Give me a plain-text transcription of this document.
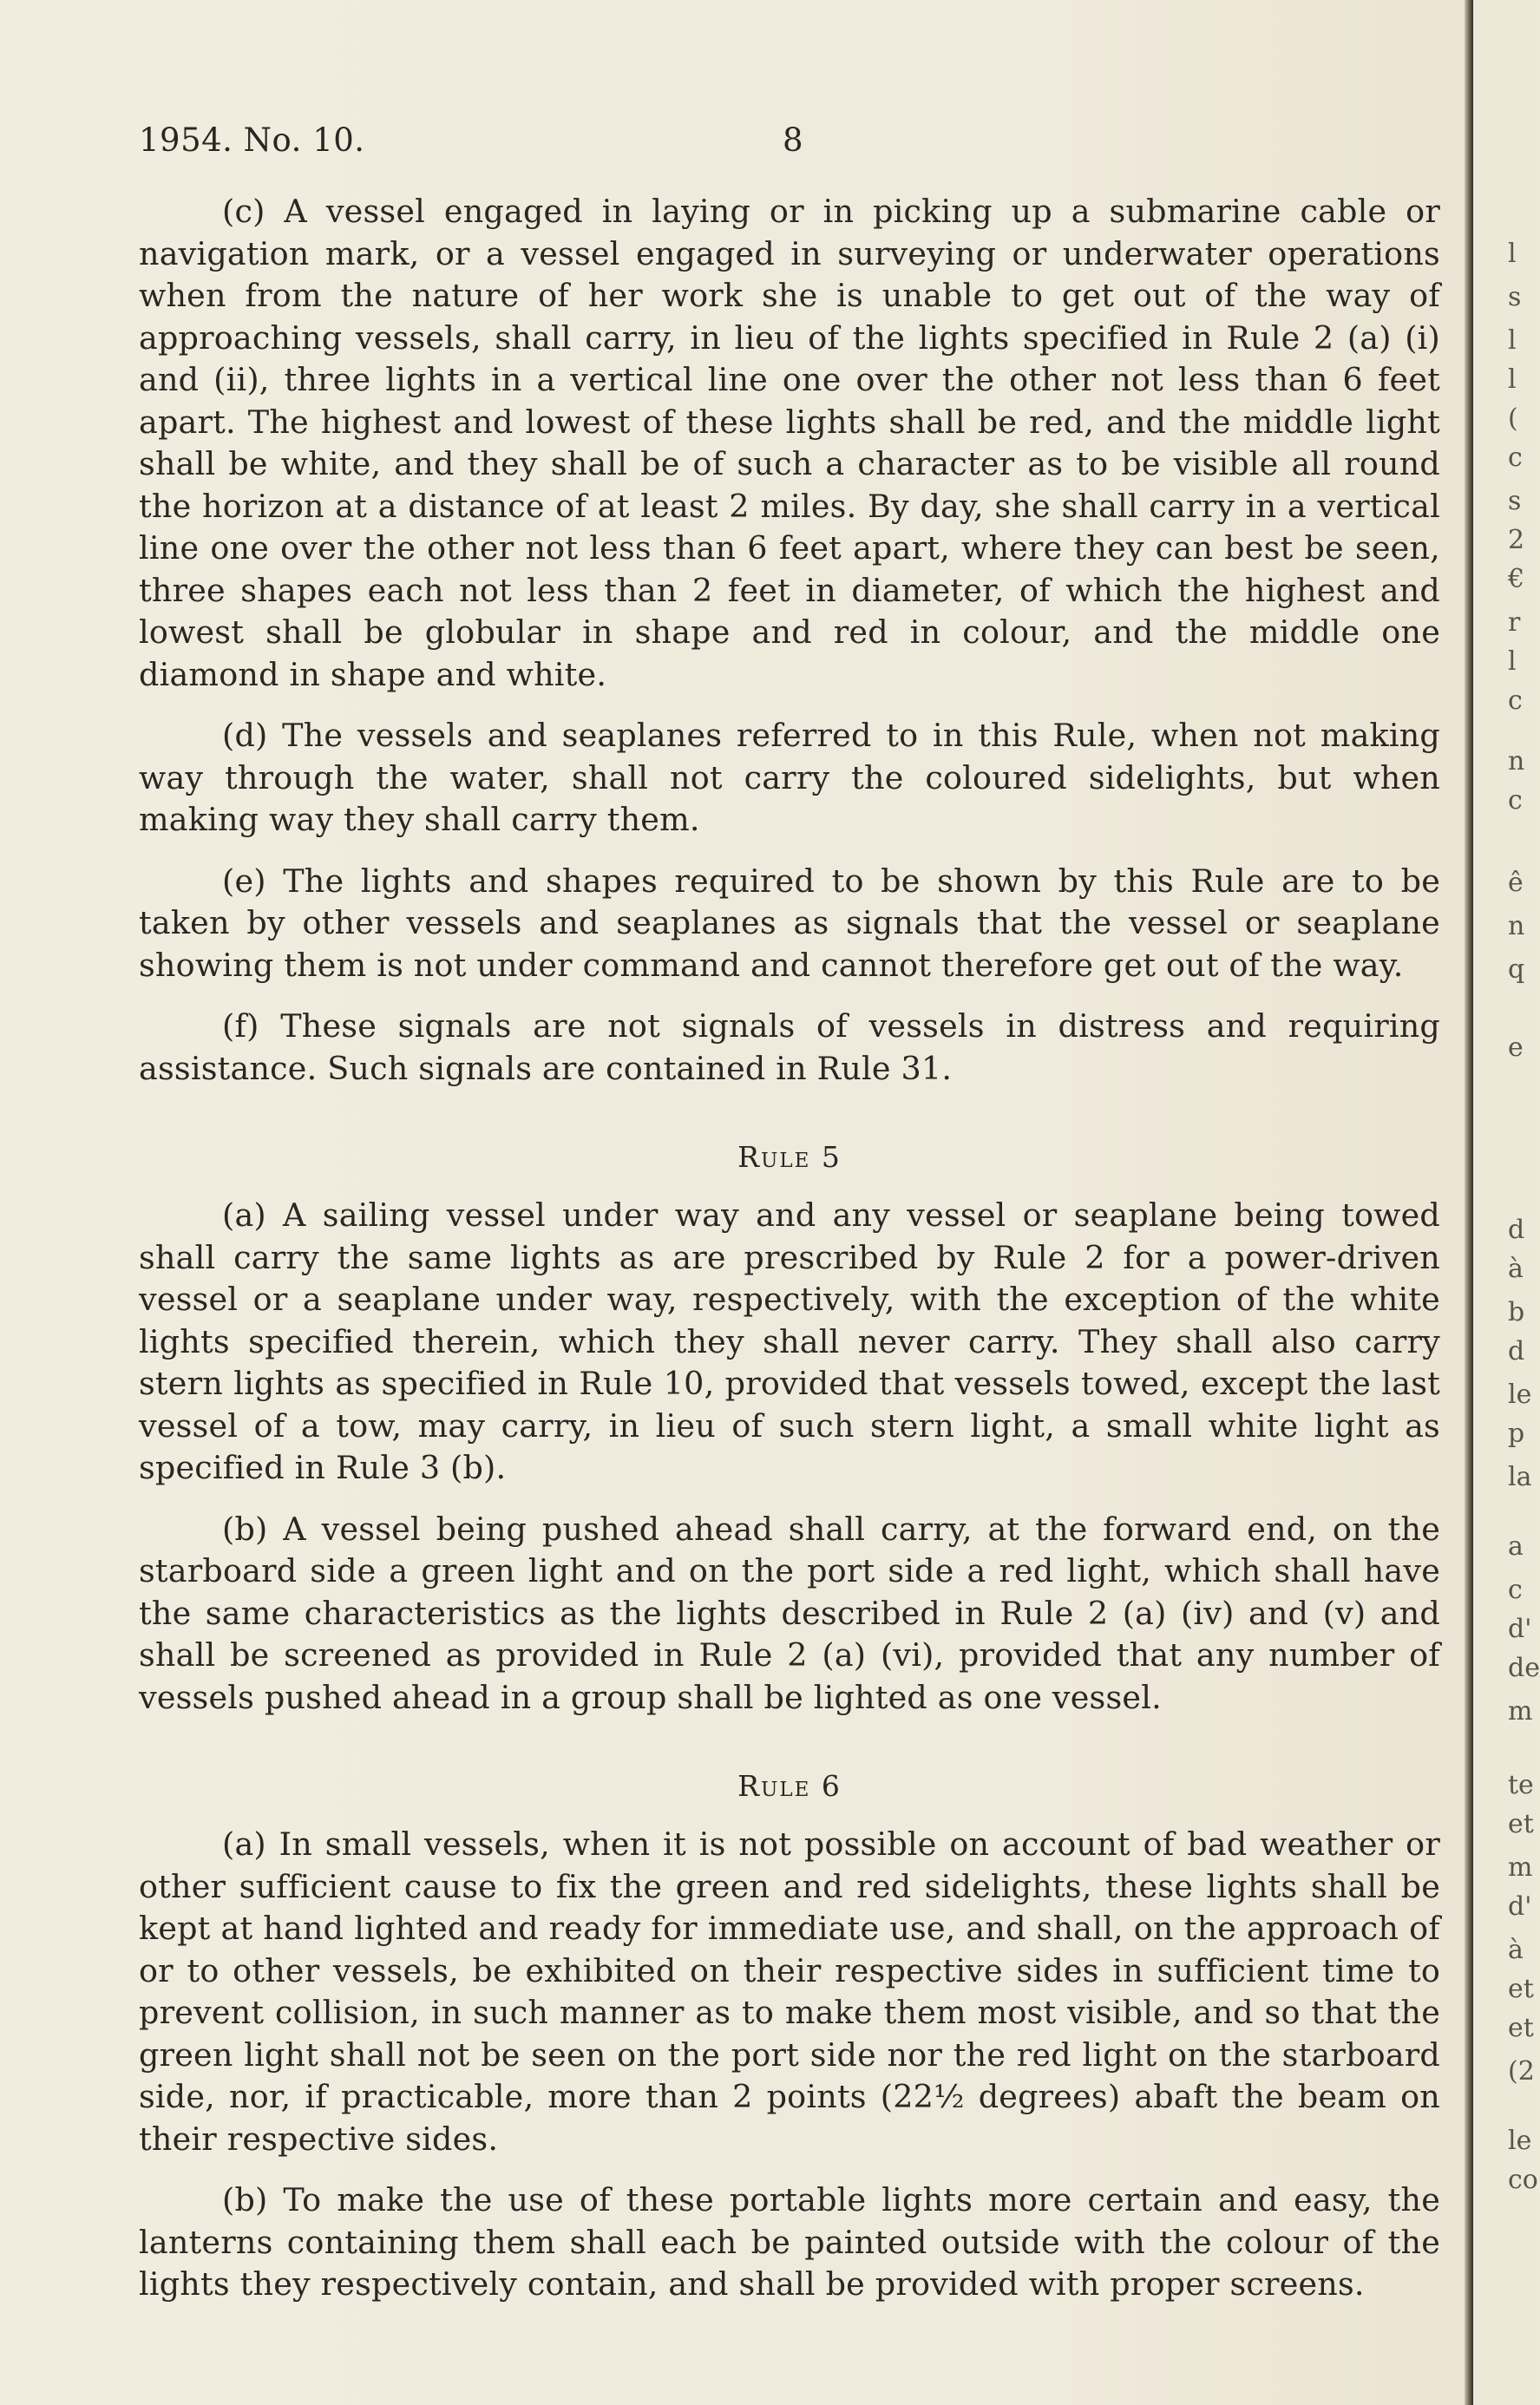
1954. No. 10.	8

(c) A vessel engaged in laying or in picking up a submarine cable or navigation mark, or a vessel engaged in surveying or underwater operations when from the nature of her work she is unable to get out of the way of approaching vessels, shall carry, in lieu of the lights specified in Rule 2 (a) (i) and (ii), three lights in a vertical line one over the other not less than 6 feet apart. The highest and lowest of these lights shall be red, and the middle light shall be white, and they shall be of such a character as to be visible all round the horizon at a distance of at least 2 miles. By day, she shall carry in a vertical line one over the other not less than 6 feet apart, where they can best be seen, three shapes each not less than 2 feet in diameter, of which the highest and lowest shall be globular in shape and red in colour, and the middle one diamond in shape and white.

(d) The vessels and seaplanes referred to in this Rule, when not making way through the water, shall not carry the coloured sidelights, but when making way they shall carry them.

(e) The lights and shapes required to be shown by this Rule are to be taken by other vessels and seaplanes as signals that the vessel or seaplane showing them is not under command and cannot therefore get out of the way.

(f) These signals are not signals of vessels in distress and requiring assistance. Such signals are contained in Rule 31.

Rule 5

(a) A sailing vessel under way and any vessel or seaplane being towed shall carry the same lights as are prescribed by Rule 2 for a power-driven vessel or a seaplane under way, respectively, with the exception of the white lights specified therein, which they shall never carry. They shall also carry stern lights as specified in Rule 10, provided that vessels towed, except the last vessel of a tow, may carry, in lieu of such stern light, a small white light as specified in Rule 3 (b).

(b) A vessel being pushed ahead shall carry, at the forward end, on the starboard side a green light and on the port side a red light, which shall have the same characteristics as the lights described in Rule 2 (a) (iv) and (v) and shall be screened as provided in Rule 2 (a) (vi), provided that any number of vessels pushed ahead in a group shall be lighted as one vessel.

Rule 6

(a) In small vessels, when it is not possible on account of bad weather or other sufficient cause to fix the green and red sidelights, these lights shall be kept at hand lighted and ready for immediate use, and shall, on the approach of or to other vessels, be exhibited on their respective sides in sufficient time to prevent collision, in such manner as to make them most visible, and so that the green light shall not be seen on the port side nor the red light on the starboard side, nor, if practicable, more than 2 points (22½ degrees) abaft the beam on their respective sides.

(b) To make the use of these portable lights more certain and easy, the lanterns containing them shall each be painted outside with the colour of the lights they respectively contain, and shall be provided with proper screens.

l
s
l
l
(
c
s
2
€
r
l
c
n
c
ê
n
q
e
d
à
b
d
le
p
la
a
c
d'
de
m
te
et
m
d'
à
et
et
(2
le
co
